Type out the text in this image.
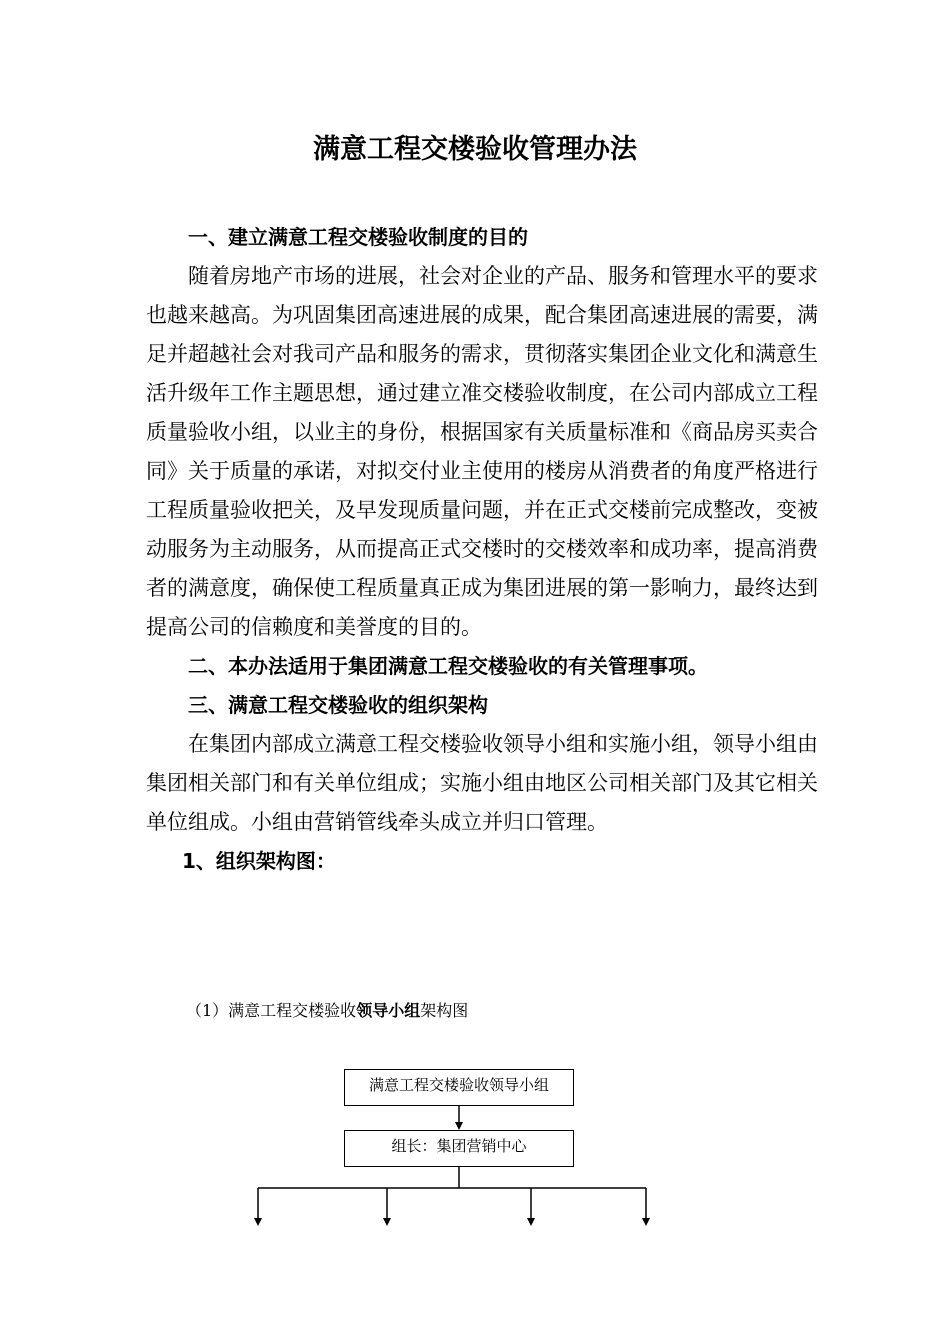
满意工程交楼验收管理办法

一、建立满意工程交楼验收制度的目的

随着房地产市场的进展，社会对企业的产品、服务和管理水平的要求也越来越高。为巩固集团高速进展的成果，配合集团高速进展的需要，满足并超越社会对我司产品和服务的需求，贯彻落实集团企业文化和满意生活升级年工作主题思想，通过建立准交楼验收制度，在公司内部成立工程质量验收小组，以业主的身份，根据国家有关质量标准和《商品房买卖合同》关于质量的承诺，对拟交付业主使用的楼房从消费者的角度严格进行工程质量验收把关，及早发现质量问题，并在正式交楼前完成整改，变被动服务为主动服务，从而提高正式交楼时的交楼效率和成功率，提高消费者的满意度，确保使工程质量真正成为集团进展的第一影响力，最终达到提高公司的信赖度和美誉度的目的。

二、本办法适用于集团满意工程交楼验收的有关管理事项。

三、满意工程交楼验收的组织架构

在集团内部成立满意工程交楼验收领导小组和实施小组，领导小组由集团相关部门和有关单位组成；实施小组由地区公司相关部门及其它相关单位组成。小组由营销管线牵头成立并归口管理。

1、组织架构图：

（1）满意工程交楼验收领导小组架构图
满意工程交楼验收领导小组
组长：集团营销中心
